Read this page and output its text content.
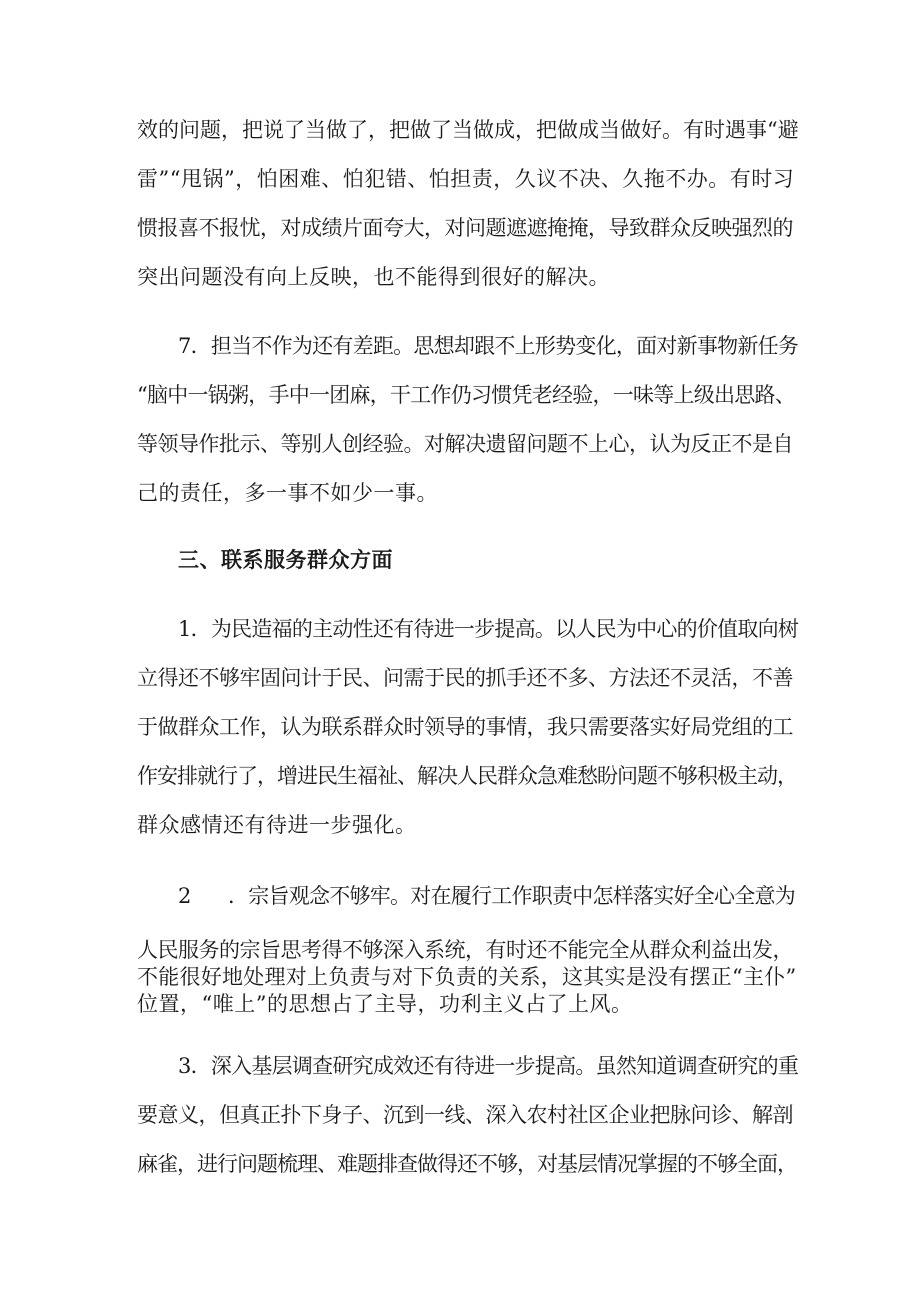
效的问题，把说了当做了，把做了当做成，把做成当做好。有时遇事“避
雷”“甩锅”，怕困难、怕犯错、怕担责，久议不决、久拖不办。有时习
惯报喜不报忧，对成绩片面夸大，对问题遮遮掩掩，导致群众反映强烈的
突出问题没有向上反映，也不能得到很好的解决。
7．担当不作为还有差距。思想却跟不上形势变化，面对新事物新任务
“脑中一锅粥，手中一团麻，干工作仍习惯凭老经验，一味等上级出思路、
等领导作批示、等别人创经验。对解决遗留问题不上心，认为反正不是自
己的责任，多一事不如少一事。
三、联系服务群众方面
1．为民造福的主动性还有待进一步提高。以人民为中心的价值取向树
立得还不够牢固问计于民、问需于民的抓手还不多、方法还不灵活，不善
于做群众工作，认为联系群众时领导的事情，我只需要落实好局党组的工
作安排就行了，增进民生福祉、解决人民群众急难愁盼问题不够积极主动，
群众感情还有待进一步强化。
2 ．宗旨观念不够牢。对在履行工作职责中怎样落实好全心全意为
人民服务的宗旨思考得不够深入系统，有时还不能完全从群众利益出发，
不能很好地处理对上负责与对下负责的关系，这其实是没有摆正“主仆”
位置，“唯上”的思想占了主导，功利主义占了上风。
3．深入基层调查研究成效还有待进一步提高。虽然知道调查研究的重
要意义，但真正扑下身子、沉到一线、深入农村社区企业把脉问诊、解剖
麻雀，进行问题梳理、难题排查做得还不够，对基层情况掌握的不够全面，
